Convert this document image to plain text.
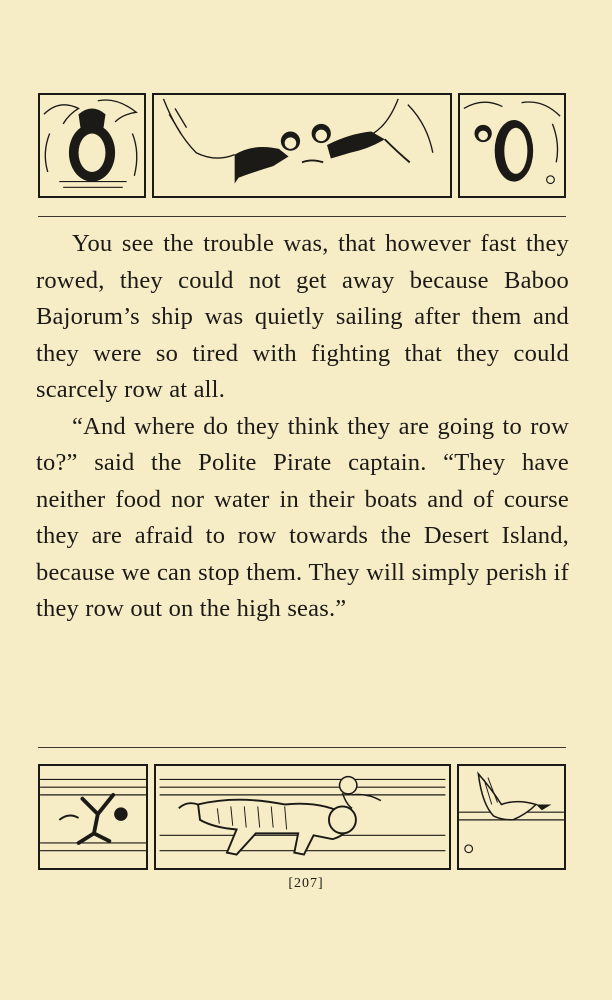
You see the trouble was, that however fast they rowed, they could not get away because Baboo Bajorum’s ship was quietly sailing after them and they were so tired with fighting that they could scarcely row at all.

“And where do they think they are going to row to?” said the Polite Pirate captain. “They have neither food nor water in their boats and of course they are afraid to row towards the Desert Island, because we can stop them. They will simply perish if they row out on the high seas.”

[207]
